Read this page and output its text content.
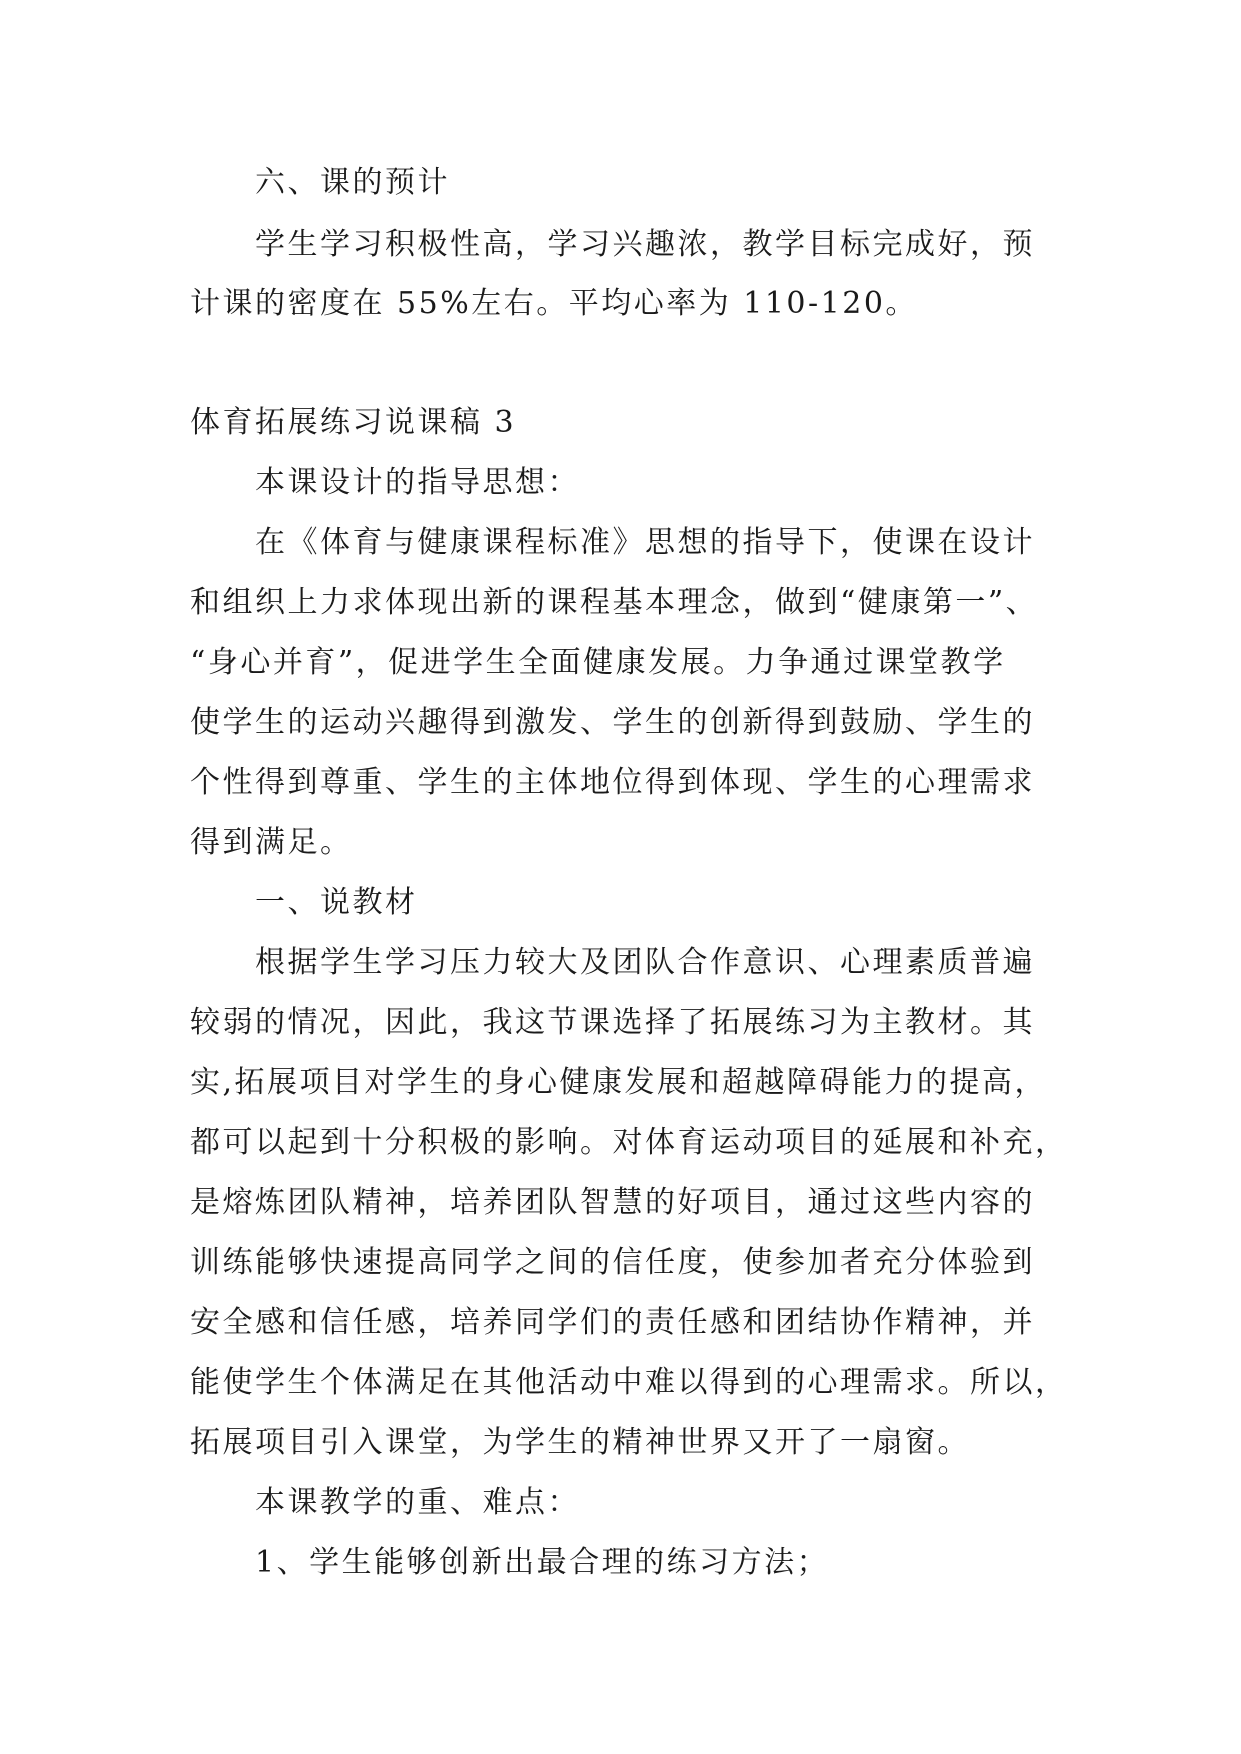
六、课的预计
学生学习积极性高，学习兴趣浓，教学目标完成好，预
计课的密度在 55%左右。平均心率为 110-120。
体育拓展练习说课稿 3
本课设计的指导思想：
在《体育与健康课程标准》思想的指导下，使课在设计
和组织上力求体现出新的课程基本理念，做到“健康第一”、
“身心并育”，促进学生全面健康发展。力争通过课堂教学
使学生的运动兴趣得到激发、学生的创新得到鼓励、学生的
个性得到尊重、学生的主体地位得到体现、学生的心理需求
得到满足。
一、说教材
根据学生学习压力较大及团队合作意识、心理素质普遍
较弱的情况，因此，我这节课选择了拓展练习为主教材。其
实,拓展项目对学生的身心健康发展和超越障碍能力的提高，
都可以起到十分积极的影响。对体育运动项目的延展和补充，
是熔炼团队精神，培养团队智慧的好项目，通过这些内容的
训练能够快速提高同学之间的信任度，使参加者充分体验到
安全感和信任感，培养同学们的责任感和团结协作精神，并
能使学生个体满足在其他活动中难以得到的心理需求。所以，
拓展项目引入课堂，为学生的精神世界又开了一扇窗。
本课教学的重、难点：
1、学生能够创新出最合理的练习方法；
